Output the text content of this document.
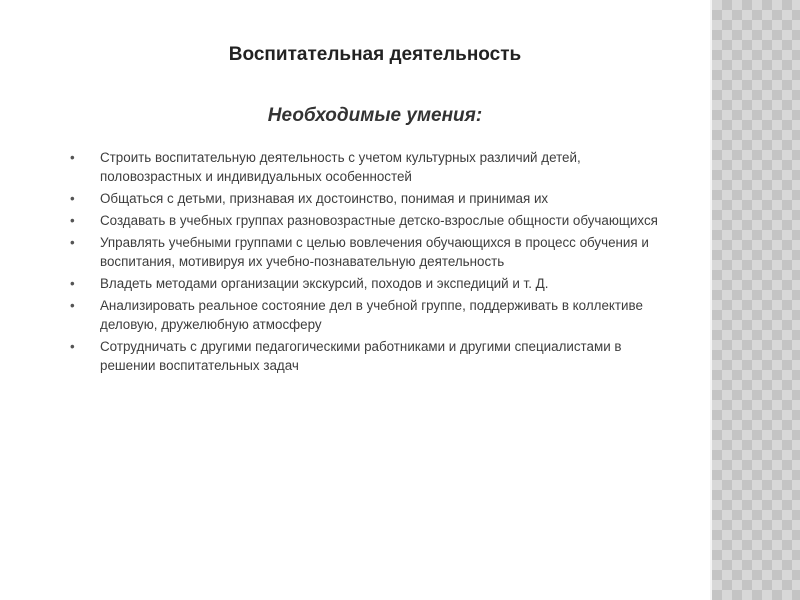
Воспитательная деятельность
Необходимые умения:
• Строить воспитательную деятельность с учетом культурных различий детей, половозрастных и индивидуальных особенностей
• Общаться с детьми, признавая их достоинство, понимая и принимая их
• Создавать в учебных группах разновозрастные детско-взрослые общности обучающихся
• Управлять учебными группами с целью вовлечения обучающихся в процесс обучения и воспитания, мотивируя их учебно-познавательную деятельность
• Владеть методами организации экскурсий, походов и экспедиций и т. Д.
• Анализировать реальное состояние дел в учебной группе, поддерживать в коллективе деловую, дружелюбную атмосферу
• Сотрудничать с другими педагогическими работниками и другими специалистами в решении воспитательных задач
